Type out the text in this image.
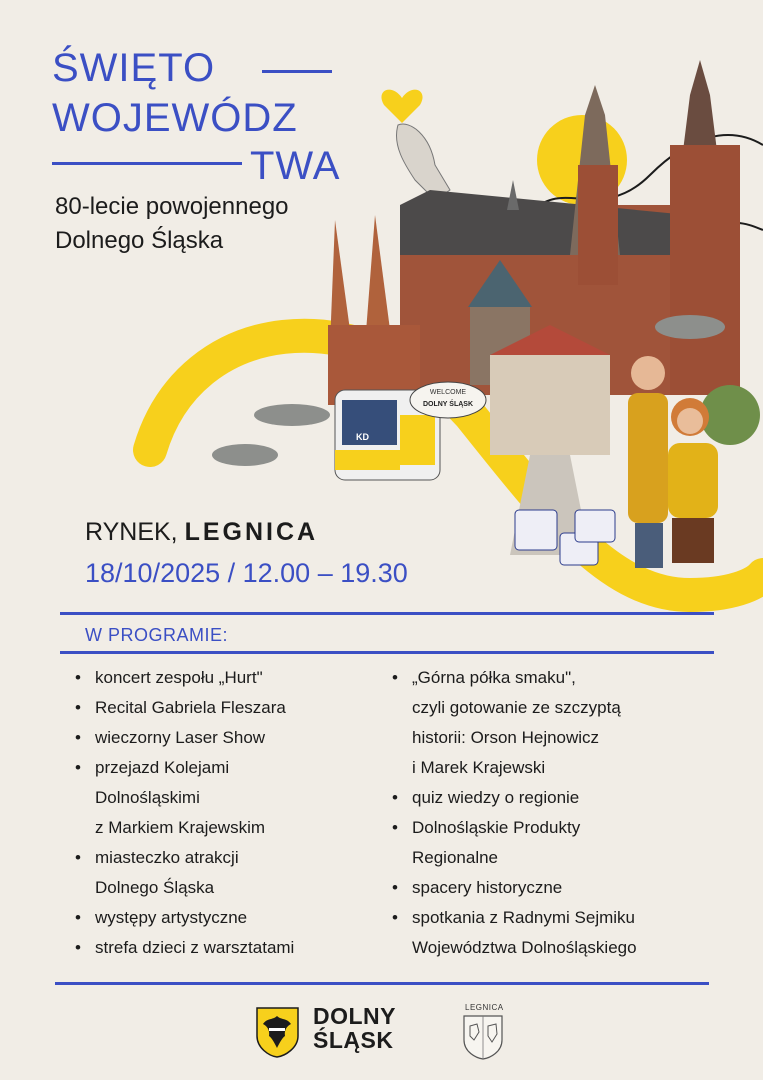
ŚWIĘTO
WOJEWÓDZ
TWA
80-lecie powojennego
Dolnego Śląska
WELCOME
DOLNY ŚLĄSK
KD
RYNEK, LEGNICA
18/10/2025 / 12.00 – 19.30
W PROGRAMIE:
• koncert zespołu „Hurt"
• Recital Gabriela Fleszara
• wieczorny Laser Show
• przejazd Kolejami
Dolnośląskimi
z Markiem Krajewskim
• miasteczko atrakcji
Dolnego Śląska
• występy artystyczne
• strefa dzieci z warsztatami
• „Górna półka smaku",
czyli gotowanie ze szczyptą
historii: Orson Hejnowicz
i Marek Krajewski
• quiz wiedzy o regionie
• Dolnośląskie Produkty
Regionalne
• spacery historyczne
• spotkania z Radnymi Sejmiku
Województwa Dolnośląskiego
DOLNY
ŚLĄSK
LEGNICA
